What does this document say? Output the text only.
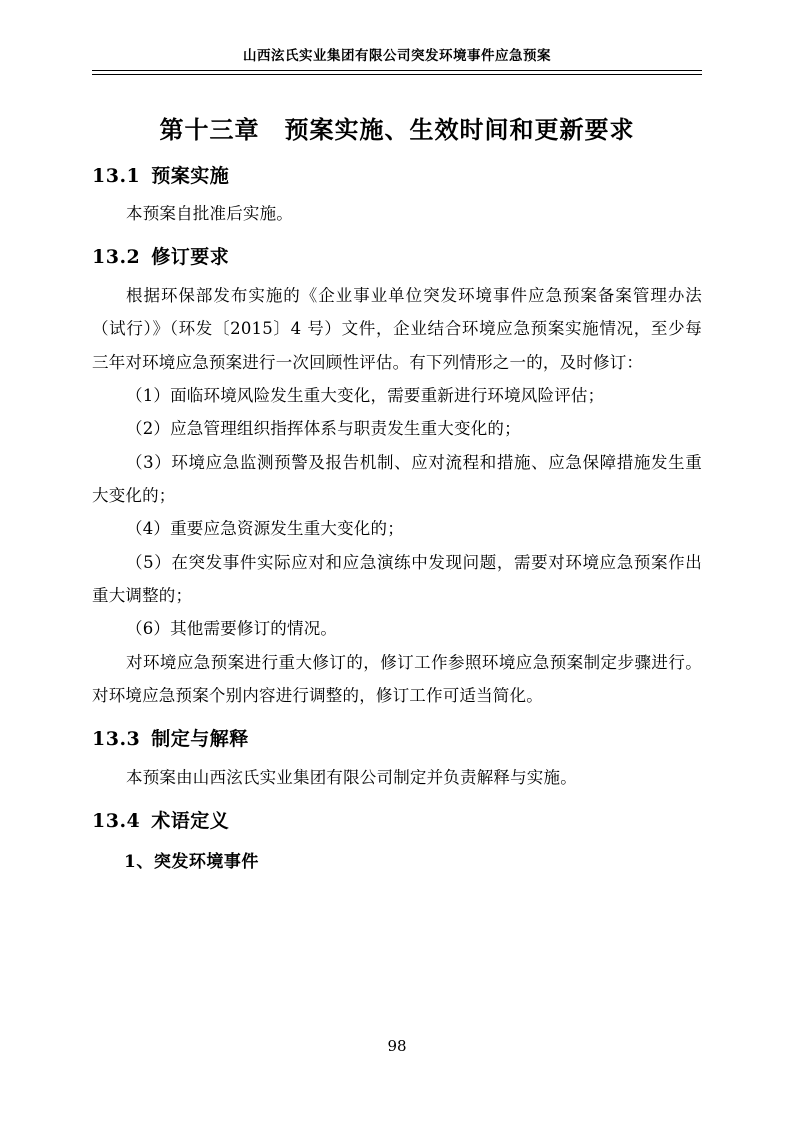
山西泫氏实业集团有限公司突发环境事件应急预案
第十三章　预案实施、生效时间和更新要求
13.1 预案实施

本预案自批准后实施。

13.2 修订要求

根据环保部发布实施的《企业事业单位突发环境事件应急预案备案管理办法（试行）》（环发〔2015〕4 号）文件，企业结合环境应急预案实施情况，至少每三年对环境应急预案进行一次回顾性评估。有下列情形之一的，及时修订：

（1）面临环境风险发生重大变化，需要重新进行环境风险评估；

（2）应急管理组织指挥体系与职责发生重大变化的；

（3）环境应急监测预警及报告机制、应对流程和措施、应急保障措施发生重大变化的；

（4）重要应急资源发生重大变化的；

（5）在突发事件实际应对和应急演练中发现问题，需要对环境应急预案作出重大调整的；

（6）其他需要修订的情况。

对环境应急预案进行重大修订的，修订工作参照环境应急预案制定步骤进行。对环境应急预案个别内容进行调整的，修订工作可适当简化。

13.3 制定与解释

本预案由山西泫氏实业集团有限公司制定并负责解释与实施。

13.4 术语定义
1、突发环境事件
98
